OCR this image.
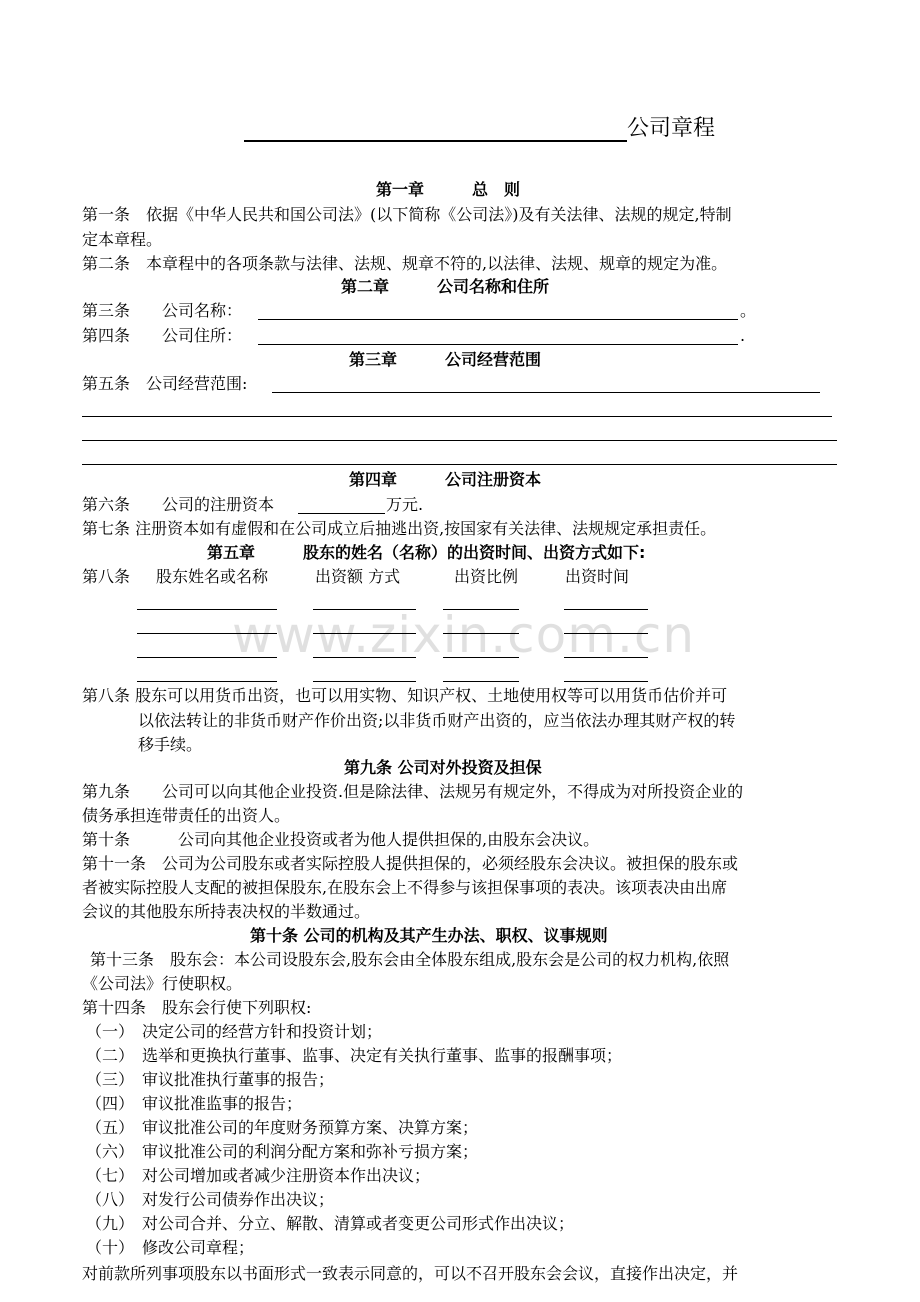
公司章程
第一章　　　总　则
第一条　依据《中华人民共和国公司法》(以下简称《公司法》)及有关法律、法规的规定,特制
定本章程。
第二条　本章程中的各项条款与法律、法规、规章不符的,以法律、法规、规章的规定为准。
第二章　　　公司名称和住所
第三条　　公司名称：	。
第四条　　公司住所：	.
第三章　　　公司经营范围
第五条　公司经营范围:
第四章　　　公司注册资本
第六条　　公司的注册资本	万元.
第七条 注册资本如有虚假和在公司成立后抽逃出资,按国家有关法律、法规规定承担责任。
第五章　　　股东的姓名（名称）的出资时间、出资方式如下:
第八条 股东姓名或名称	出资额 方式	出资比例	出资时间
www.zixin.com.cn
第八条 股东可以用货币出资，也可以用实物、知识产权、土地使用权等可以用货币估价并可
以依法转让的非货币财产作价出资;以非货币财产出资的，应当依法办理其财产权的转
移手续。
第九条 公司对外投资及担保
第九条　　公司可以向其他企业投资.但是除法律、法规另有规定外，不得成为对所投资企业的
债务承担连带责任的出资人。
第十条　　　公司向其他企业投资或者为他人提供担保的,由股东会决议。
第十一条　公司为公司股东或者实际控股人提供担保的，必须经股东会决议。被担保的股东或
者被实际控股人支配的被担保股东,在股东会上不得参与该担保事项的表决。该项表决由出席
会议的其他股东所持表决权的半数通过。
第十条 公司的机构及其产生办法、职权、议事规则
第十三条　股东会：本公司设股东会,股东会由全体股东组成,股东会是公司的权力机构,依照
《公司法》行使职权。
第十四条　股东会行使下列职权:
（一）　决定公司的经营方针和投资计划；
（二）　选举和更换执行董事、监事、决定有关执行董事、监事的报酬事项；
（三）　审议批准执行董事的报告；
（四）　审议批准监事的报告；
（五）　审议批准公司的年度财务预算方案、决算方案；
（六）　审议批准公司的利润分配方案和弥补亏损方案；
（七）　对公司增加或者减少注册资本作出决议；
（八）　对发行公司债券作出决议；
（九）　对公司合并、分立、解散、清算或者变更公司形式作出决议；
（十）　修改公司章程；
对前款所列事项股东以书面形式一致表示同意的，可以不召开股东会会议，直接作出决定，并
